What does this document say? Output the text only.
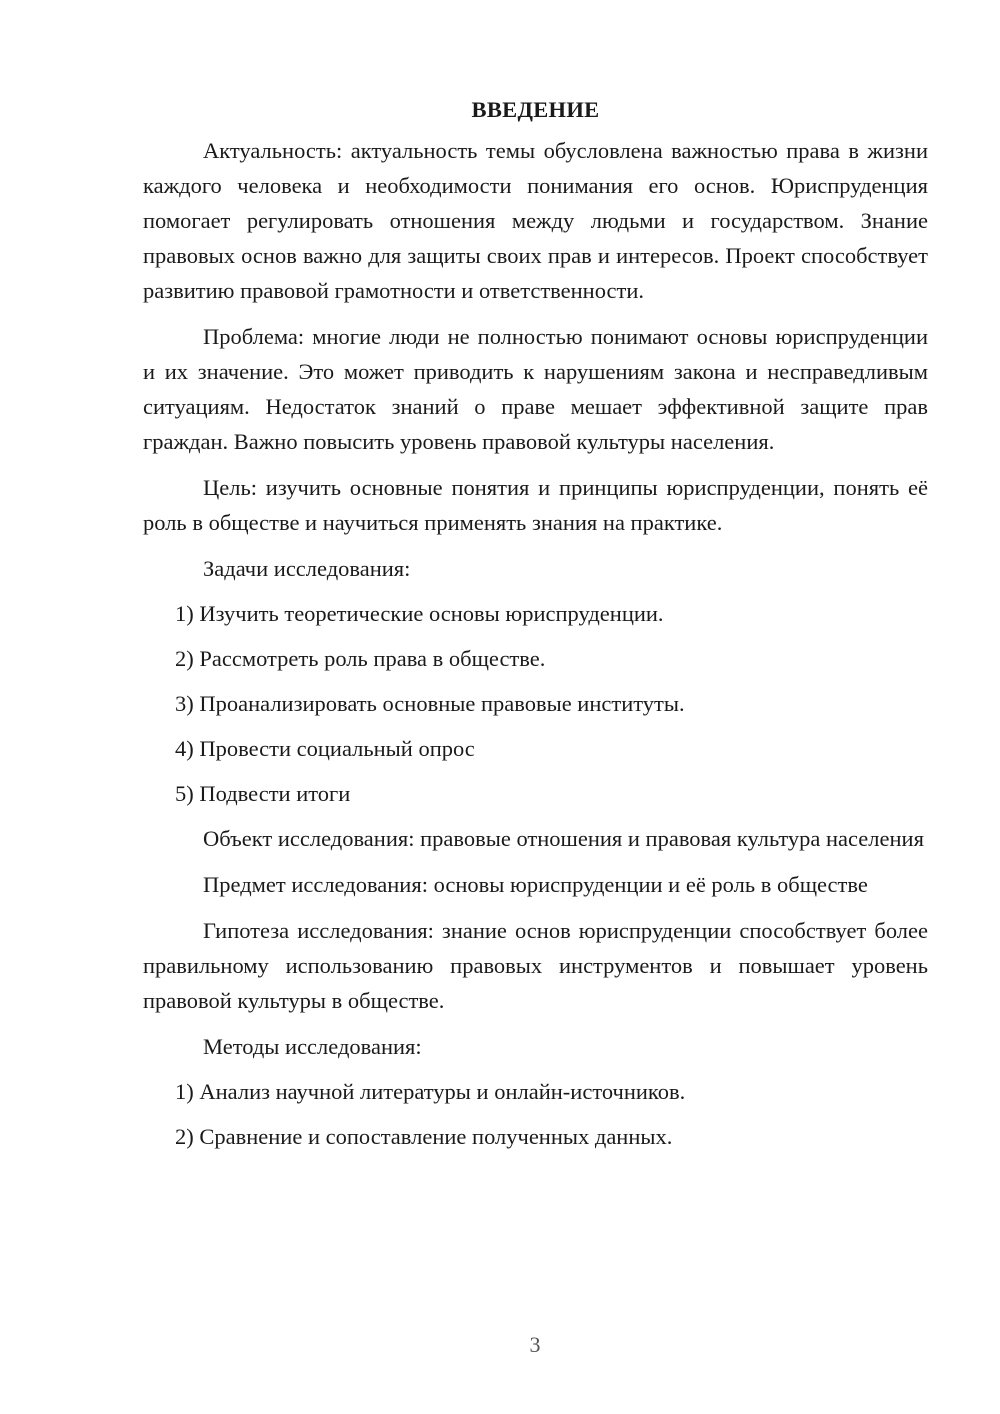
ВВЕДЕНИЕ

Актуальность: актуальность темы обусловлена важностью права в жизни каждого человека и необходимости понимания его основ. Юриспруденция помогает регулировать отношения между людьми и государством. Знание правовых основ важно для защиты своих прав и интересов. Проект способствует развитию правовой грамотности и ответственности.

Проблема: многие люди не полностью понимают основы юриспруденции и их значение. Это может приводить к нарушениям закона и несправедливым ситуациям. Недостаток знаний о праве мешает эффективной защите прав граждан. Важно повысить уровень правовой культуры населения.

Цель: изучить основные понятия и принципы юриспруденции, понять её роль в обществе и научиться применять знания на практике.

Задачи исследования:

1) Изучить теоретические основы юриспруденции.

2) Рассмотреть роль права в обществе.

3) Проанализировать основные правовые институты.

4) Провести социальный опрос

5) Подвести итоги

Объект исследования: правовые отношения и правовая культура населения

Предмет исследования: основы юриспруденции и её роль в обществе

Гипотеза исследования: знание основ юриспруденции способствует более правильному использованию правовых инструментов и повышает уровень правовой культуры в обществе.

Методы исследования:

1) Анализ научной литературы и онлайн-источников.

2) Сравнение и сопоставление полученных данных.

3
